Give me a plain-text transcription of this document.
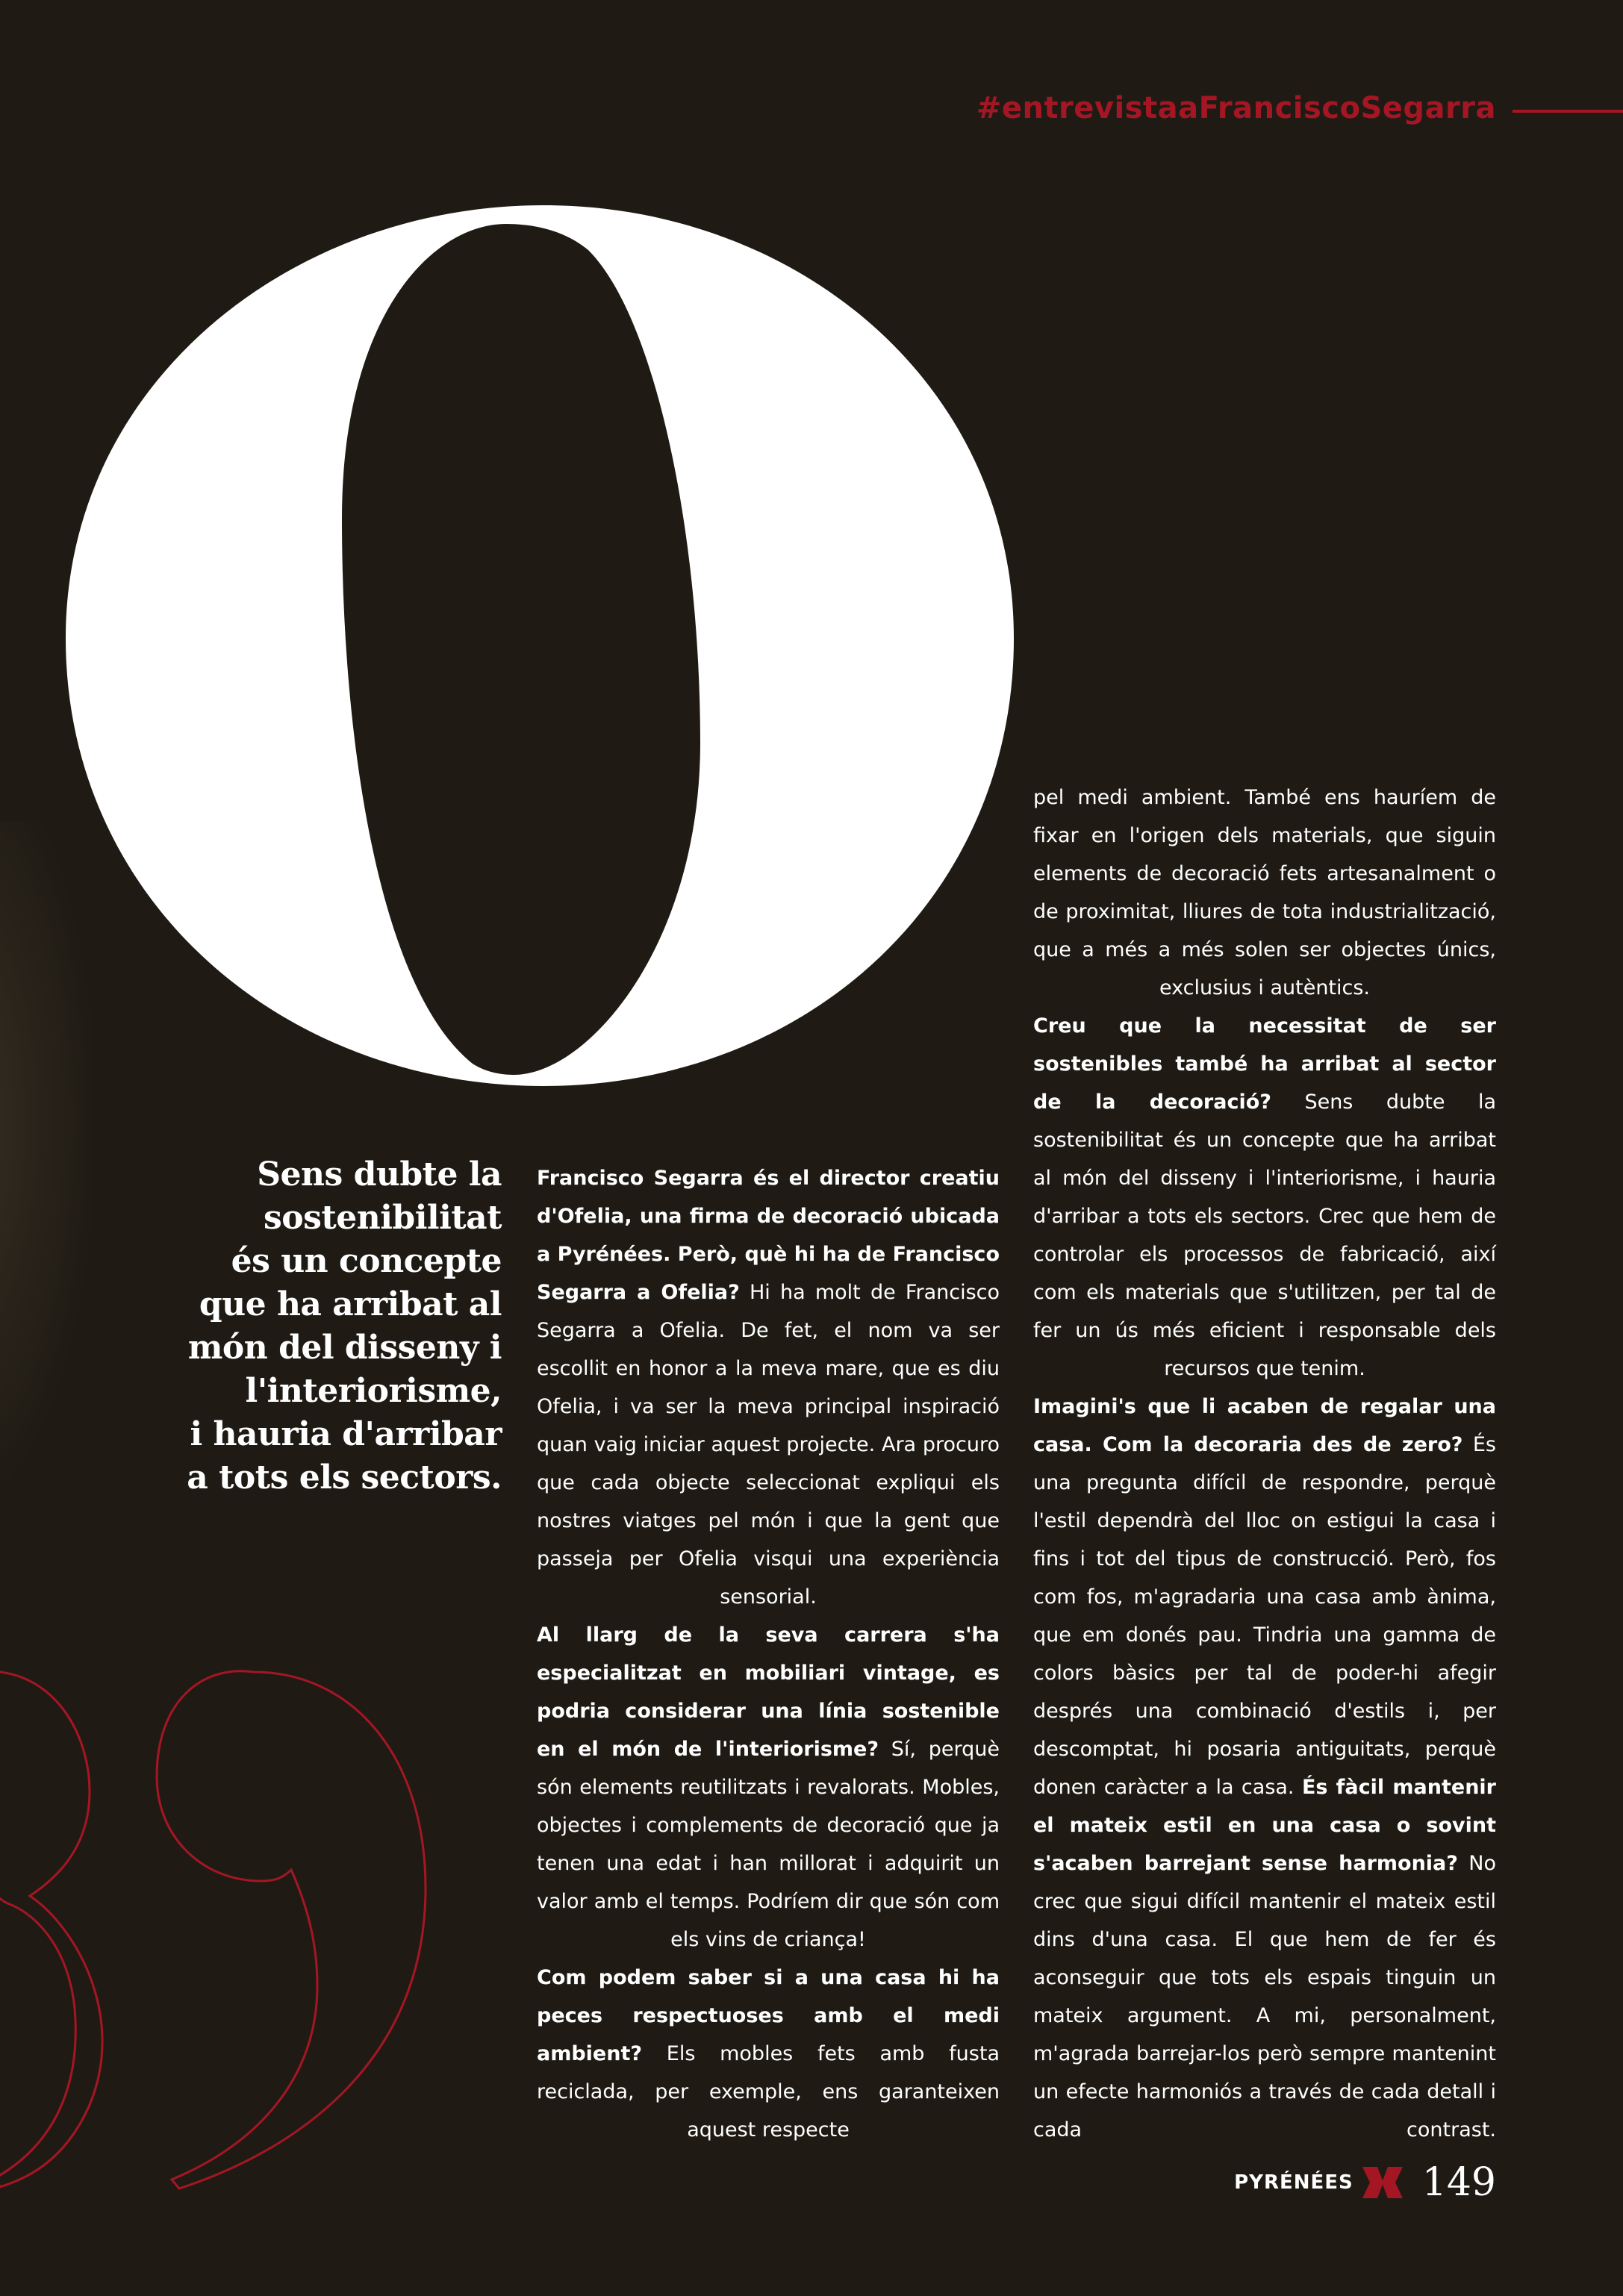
#entrevistaaFranciscoSegarra
Sens dubte la
sostenibilitat
és un concepte
que ha arribat al
món del disseny i
l'interiorisme,
i hauria d'arribar
a tots els sectors.

Francisco Segarra és el director creatiu d'Ofelia, una firma de decoració ubicada a Pyrénées. Però, què hi ha de Francisco Segarra a Ofelia? Hi ha molt de Francisco Segarra a Ofelia. De fet, el nom va ser escollit en honor a la meva mare, que es diu Ofelia, i va ser la meva principal inspiració quan vaig iniciar aquest projecte. Ara procuro que cada objecte seleccionat expliqui els nostres viatges pel món i que la gent que passeja per Ofelia visqui una experiència sensorial.

Al llarg de la seva carrera s'ha especialitzat en mobiliari vintage, es podria considerar una línia sostenible en el món de l'interiorisme? Sí, perquè són elements reutilitzats i revalorats. Mobles, objectes i complements de decoració que ja tenen una edat i han millorat i adquirit un valor amb el temps. Podríem dir que són com els vins de criança!

Com podem saber si a una casa hi ha peces respectuoses amb el medi ambient? Els mobles fets amb fusta reciclada, per exemple, ens garanteixen aquest respecte

pel medi ambient. També ens hauríem de fixar en l'origen dels materials, que siguin elements de decoració fets artesanalment o de proximitat, lliures de tota industrialització, que a més a més solen ser objectes únics, exclusius i autèntics.

Creu que la necessitat de ser sostenibles també ha arribat al sector de la decoració? Sens dubte la sostenibilitat és un concepte que ha arribat al món del disseny i l'interiorisme, i hauria d'arribar a tots els sectors. Crec que hem de controlar els processos de fabricació, així com els materials que s'utilitzen, per tal de fer un ús més eficient i responsable dels recursos que tenim.

Imagini's que li acaben de regalar una casa. Com la decoraria des de zero? És una pregunta difícil de respondre, perquè l'estil dependrà del lloc on estigui la casa i fins i tot del tipus de construcció. Però, fos com fos, m'agradaria una casa amb ànima, que em donés pau. Tindria una gamma de colors bàsics per tal de poder-hi afegir després una combinació d'estils i, per descomptat, hi posaria antiguitats, perquè donen caràcter a la casa. És fàcil mantenir el mateix estil en una casa o sovint s'acaben barrejant sense harmonia? No crec que sigui difícil mantenir el mateix estil dins d'una casa. El que hem de fer és aconseguir que tots els espais tinguin un mateix argument. A mi, personalment, m'agrada barrejar-los però sempre mantenint un efecte harmoniós a través de cada detall i cada contrast.

PYRÉNÉES 149
